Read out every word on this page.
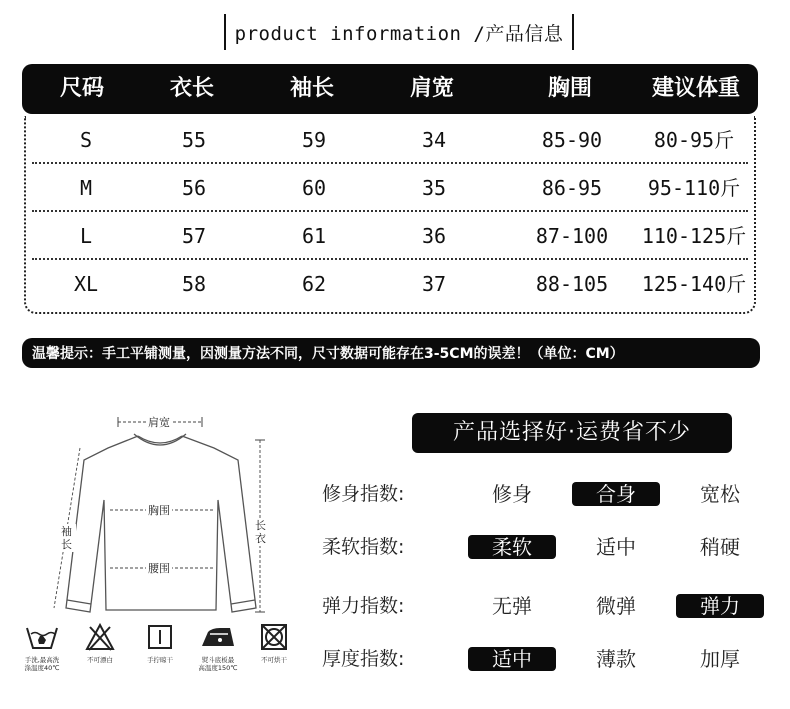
product information /产品信息
尺码	衣长	袖长	肩宽	胸围	建议体重
S	55	59	34	85-90	80-95斤
M	56	60	35	86-95	95-110斤
L	57	61	36	87-100	110-125斤
XL	58	62	37	88-105	125-140斤
温馨提示：手工平铺测量，因测量方法不同，尺寸数据可能存在3-5CM的误差！（单位：CM）
肩宽
胸围
腰围
袖长
长衣
手洗,最高洗
涤温度40℃
不可漂白	手拧晾干	熨斗底板最
高温度150℃
不可烘干
产品选择好·运费省不少
修身指数:	修身	合身	宽松
柔软指数:	柔软	适中	稍硬
弹力指数:	无弹	微弹	弹力
厚度指数:	适中	薄款	加厚
